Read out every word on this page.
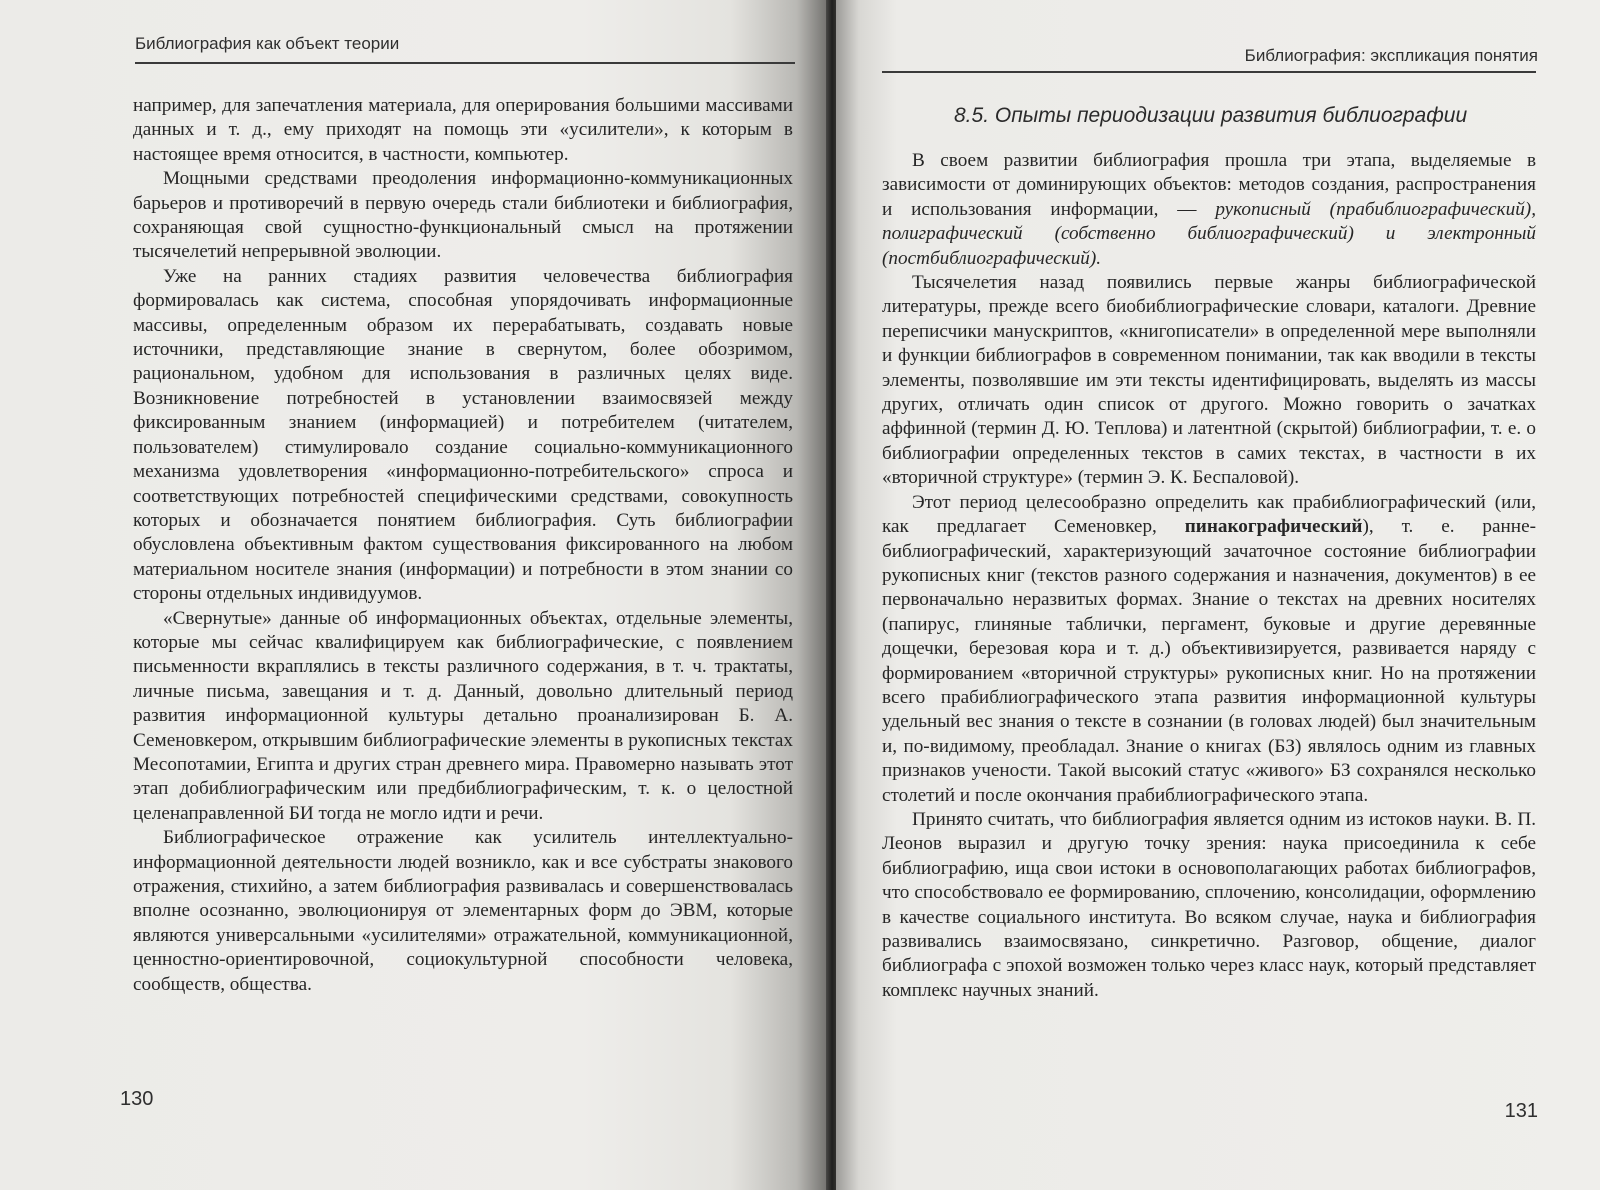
Библиография как объект теории

например, для запечатления материала, для оперирования большими массивами данных и т. д., ему приходят на помощь эти «усилители», к которым в настоящее время относится, в частности, компьютер.

Мощными средствами преодоления информационно-коммуникационных барьеров и противоречий в первую очередь стали библиотеки и библиография, сохраняющая свой сущностно-функциональный смысл на протяжении тысячелетий непрерывной эволюции.

Уже на ранних стадиях развития человечества библиография формировалась как система, способная упорядочивать информационные массивы, определенным образом их перерабатывать, создавать новые источники, представляющие знание в свернутом, более обозримом, рациональном, удобном для использования в различных целях виде. Возникновение потребностей в установлении взаимосвязей между фиксированным знанием (информацией) и потребителем (читателем, пользователем) стимулировало создание социально-коммуникационного механизма удовлетворения «информационно-потребительского» спроса и соответствующих потребностей специфическими средствами, совокупность которых и обозначается понятием библиография. Суть библиографии обусловлена объективным фактом существования фиксированного на любом материальном носителе знания (информации) и потребности в этом знании со стороны отдельных индивидуумов.

«Свернутые» данные об информационных объектах, отдельные элементы, которые мы сейчас квалифицируем как библиографические, с появлением письменности вкраплялись в тексты различного содержания, в т. ч. трактаты, личные письма, завещания и т. д. Данный, довольно длительный период развития информационной культуры детально проанализирован Б. А. Семеновкером, открывшим библиографические элементы в рукописных текстах Месопотамии, Египта и других стран древнего мира. Правомерно называть этот этап добиблиографическим или предбиблиографическим, т. к. о целостной целенаправленной БИ тогда не могло идти и речи.

Библиографическое отражение как усилитель интеллектуально-информационной деятельности людей возникло, как и все субстраты знакового отражения, стихийно, а затем библиография развивалась и совершенствовалась вполне осознанно, эволюционируя от элементарных форм до ЭВМ, которые являются универсальными «усилителями» отражательной, коммуникационной, ценностно-ориентировочной, социокультурной способности человека, сообществ, общества.

130
Библиография: экспликация понятия
8.5. Опыты периодизации развития библиографии

В своем развитии библиография прошла три этапа, выделяемые в зависимости от доминирующих объектов: методов создания, распространения и использования информации, — рукописный (прабиблиографический), полиграфический (собственно библиографический) и электронный (постбиблиографический).

Тысячелетия назад появились первые жанры библиографической литературы, прежде всего биобиблиографические словари, каталоги. Древние переписчики манускриптов, «книгописатели» в определенной мере выполняли и функции библиографов в современном понимании, так как вводили в тексты элементы, позволявшие им эти тексты идентифицировать, выделять из массы других, отличать один список от другого. Можно говорить о зачатках аффинной (термин Д. Ю. Теплова) и латентной (скрытой) библиографии, т. е. о библиографии определенных текстов в самих текстах, в частности в их «вторичной структуре» (термин Э. К. Беспаловой).

Этот период целесообразно определить как прабиблиографический (или, как предлагает Семеновкер, пинакографический), т. е. ранне- библиографический, характеризующий зачаточное состояние библиографии рукописных книг (текстов разного содержания и назначения, документов) в ее первоначально неразвитых формах. Знание о текстах на древних носителях (папирус, глиняные таблички, пергамент, буковые и другие деревянные дощечки, березовая кора и т. д.) объективизируется, развивается наряду с формированием «вторичной структуры» рукописных книг. Но на протяжении всего прабиблиографического этапа развития информационной культуры удельный вес знания о тексте в сознании (в головах людей) был значительным и, по-видимому, преобладал. Знание о книгах (БЗ) являлось одним из главных признаков учености. Такой высокий статус «живого» БЗ сохранялся несколько столетий и после окончания прабиблиографического этапа.

Принято считать, что библиография является одним из истоков науки. В. П. Леонов выразил и другую точку зрения: наука присоединила к себе библиографию, ища свои истоки в основополагающих работах библиографов, что способствовало ее формированию, сплочению, консолидации, оформлению в качестве социального института. Во всяком случае, наука и библиография развивались взаимосвязано, синкретично. Разговор, общение, диалог библиографа с эпохой возможен только через класс наук, который представляет комплекс научных знаний.

131
